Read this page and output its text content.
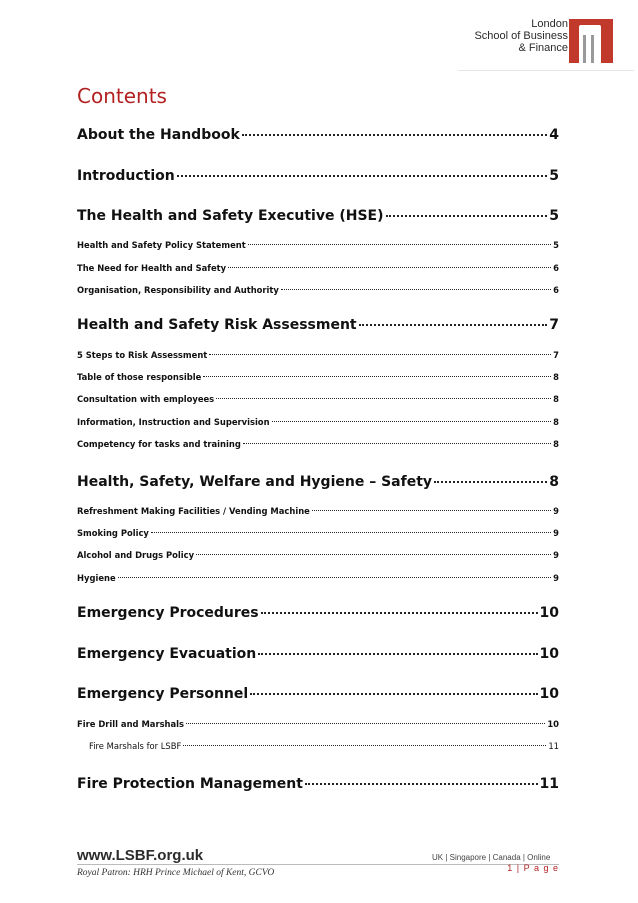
London
School of Business
& Finance
Contents
About the Handbook	4
Introduction	5
The Health and Safety Executive (HSE)	5
Health and Safety Policy Statement	5
The Need for Health and Safety	6
Organisation, Responsibility and Authority	6
Health and Safety Risk Assessment	7
5 Steps to Risk Assessment	7
Table of those responsible	8
Consultation with employees	8
Information, Instruction and Supervision	8
Competency for tasks and training	8
Health, Safety, Welfare and Hygiene – Safety	8
Refreshment Making Facilities / Vending Machine	9
Smoking Policy	9
Alcohol and Drugs Policy	9
Hygiene	9
Emergency Procedures	10
Emergency Evacuation	10
Emergency Personnel	10
Fire Drill and Marshals	10
Fire Marshals for LSBF	11
Fire Protection Management	11
www.LSBF.org.uk	UK | Singapore | Canada | Online
Royal Patron: HRH Prince Michael of Kent, GCVO	1 | P a g e
